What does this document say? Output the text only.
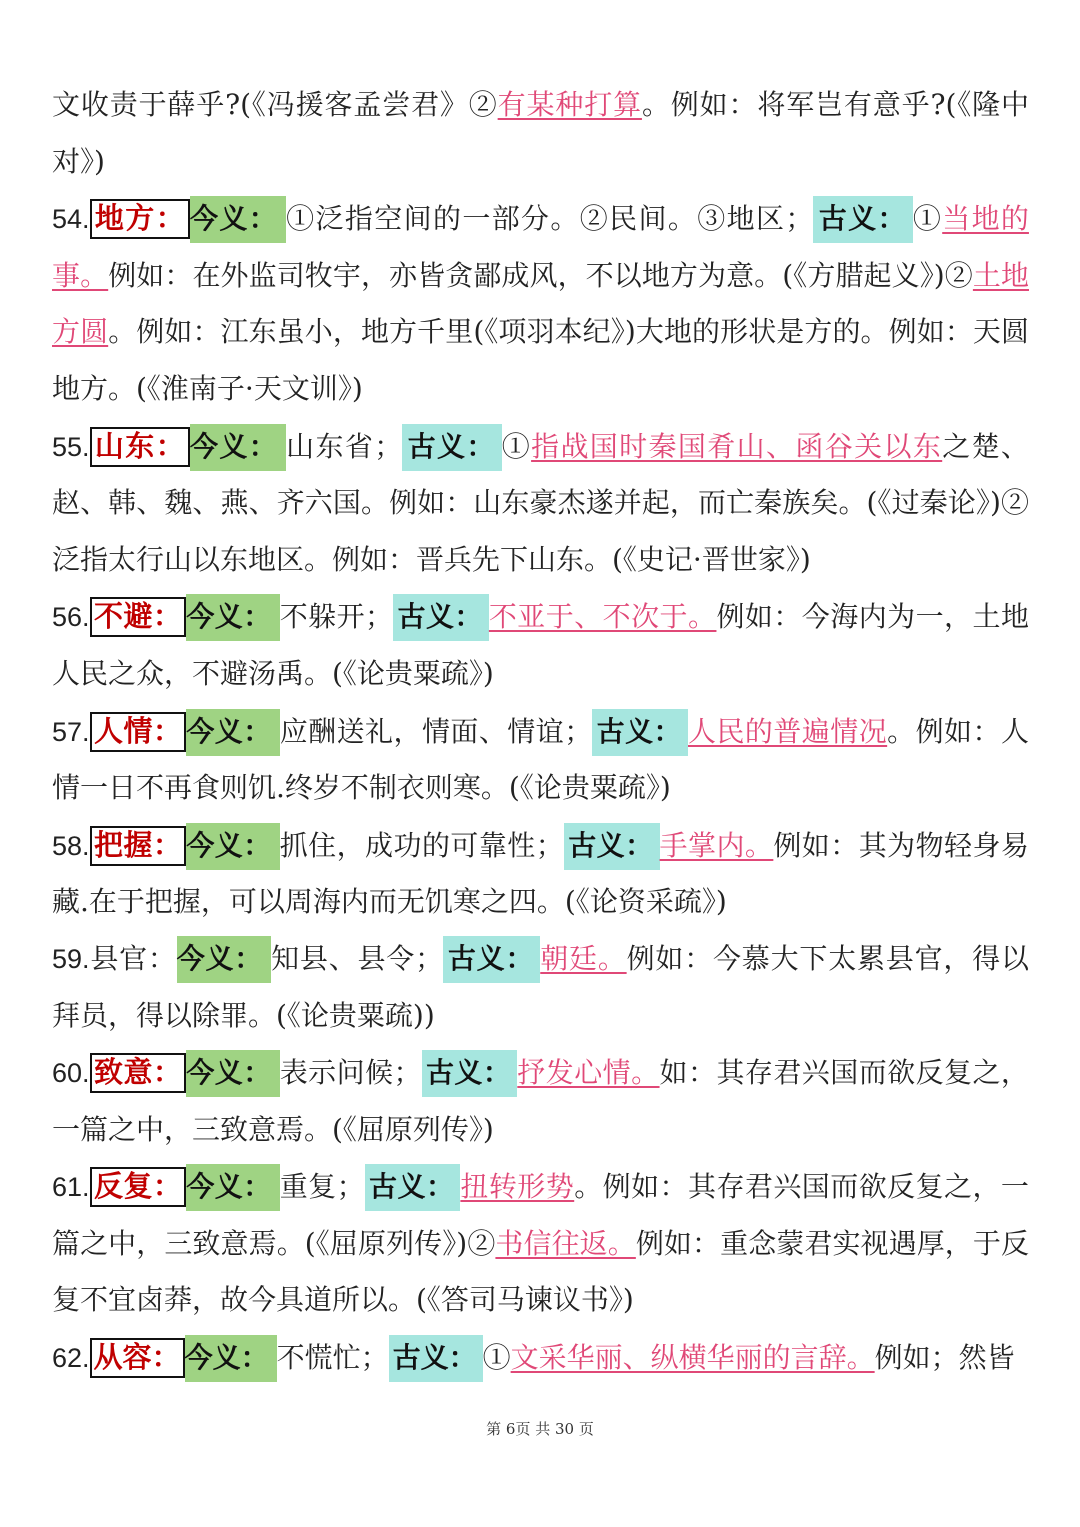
文收责于薛乎?(《冯援客孟尝君》②有某种打算。例如：将军岂有意乎?(《隆中对》)

54. 地方： 今义： ①泛指空间的一部分。②民间。③地区； 古义： ①当地的事。例如：在外监司牧宇，亦皆贪鄙成风，不以地方为意。(《方腊起义》)②土地方圆。例如：江东虽小，地方千里(《项羽本纪》)大地的形状是方的。例如：天圆地方。(《淮南子·天文训》)

55. 山东： 今义： 山东省； 古义： ①指战国时秦国肴山、函谷关以东之楚、赵、韩、魏、燕、齐六国。例如：山东豪杰遂并起，而亡秦族矣。(《过秦论》)②泛指太行山以东地区。例如：晋兵先下山东。(《史记·晋世家》)

56. 不避： 今义： 不躲开； 古义： 不亚于、不次于。例如：今海内为一，土地人民之众，不避汤禹。(《论贵粟疏》)

57. 人情： 今义： 应酬送礼，情面、情谊； 古义： 人民的普遍情况。例如：人情一日不再食则饥.终岁不制衣则寒。(《论贵粟疏》)

58. 把握： 今义： 抓住，成功的可靠性； 古义： 手掌内。例如：其为物轻身易藏.在于把握，可以周海内而无饥寒之四。(《论资采疏》)

59.县官：今义： 知县、县令； 古义： 朝廷。例如：今慕大下太累县官，得以拜员，得以除罪。(《论贵粟疏))

60. 致意： 今义： 表示问候； 古义： 抒发心情。如：其存君兴国而欲反复之，一篇之中，三致意焉。(《屈原列传》)

61. 反复： 今义： 重复； 古义： 扭转形势。例如：其存君兴国而欲反复之，一篇之中，三致意焉。(《屈原列传》)②书信往返。例如：重念蒙君实视遇厚，于反复不宜卤莽，故今具道所以。(《答司马谏议书》)

62. 从容： 今义： 不慌忙； 古义： ①文采华丽、纵横华丽的言辞。例如；然皆

第 6页 共 30 页
